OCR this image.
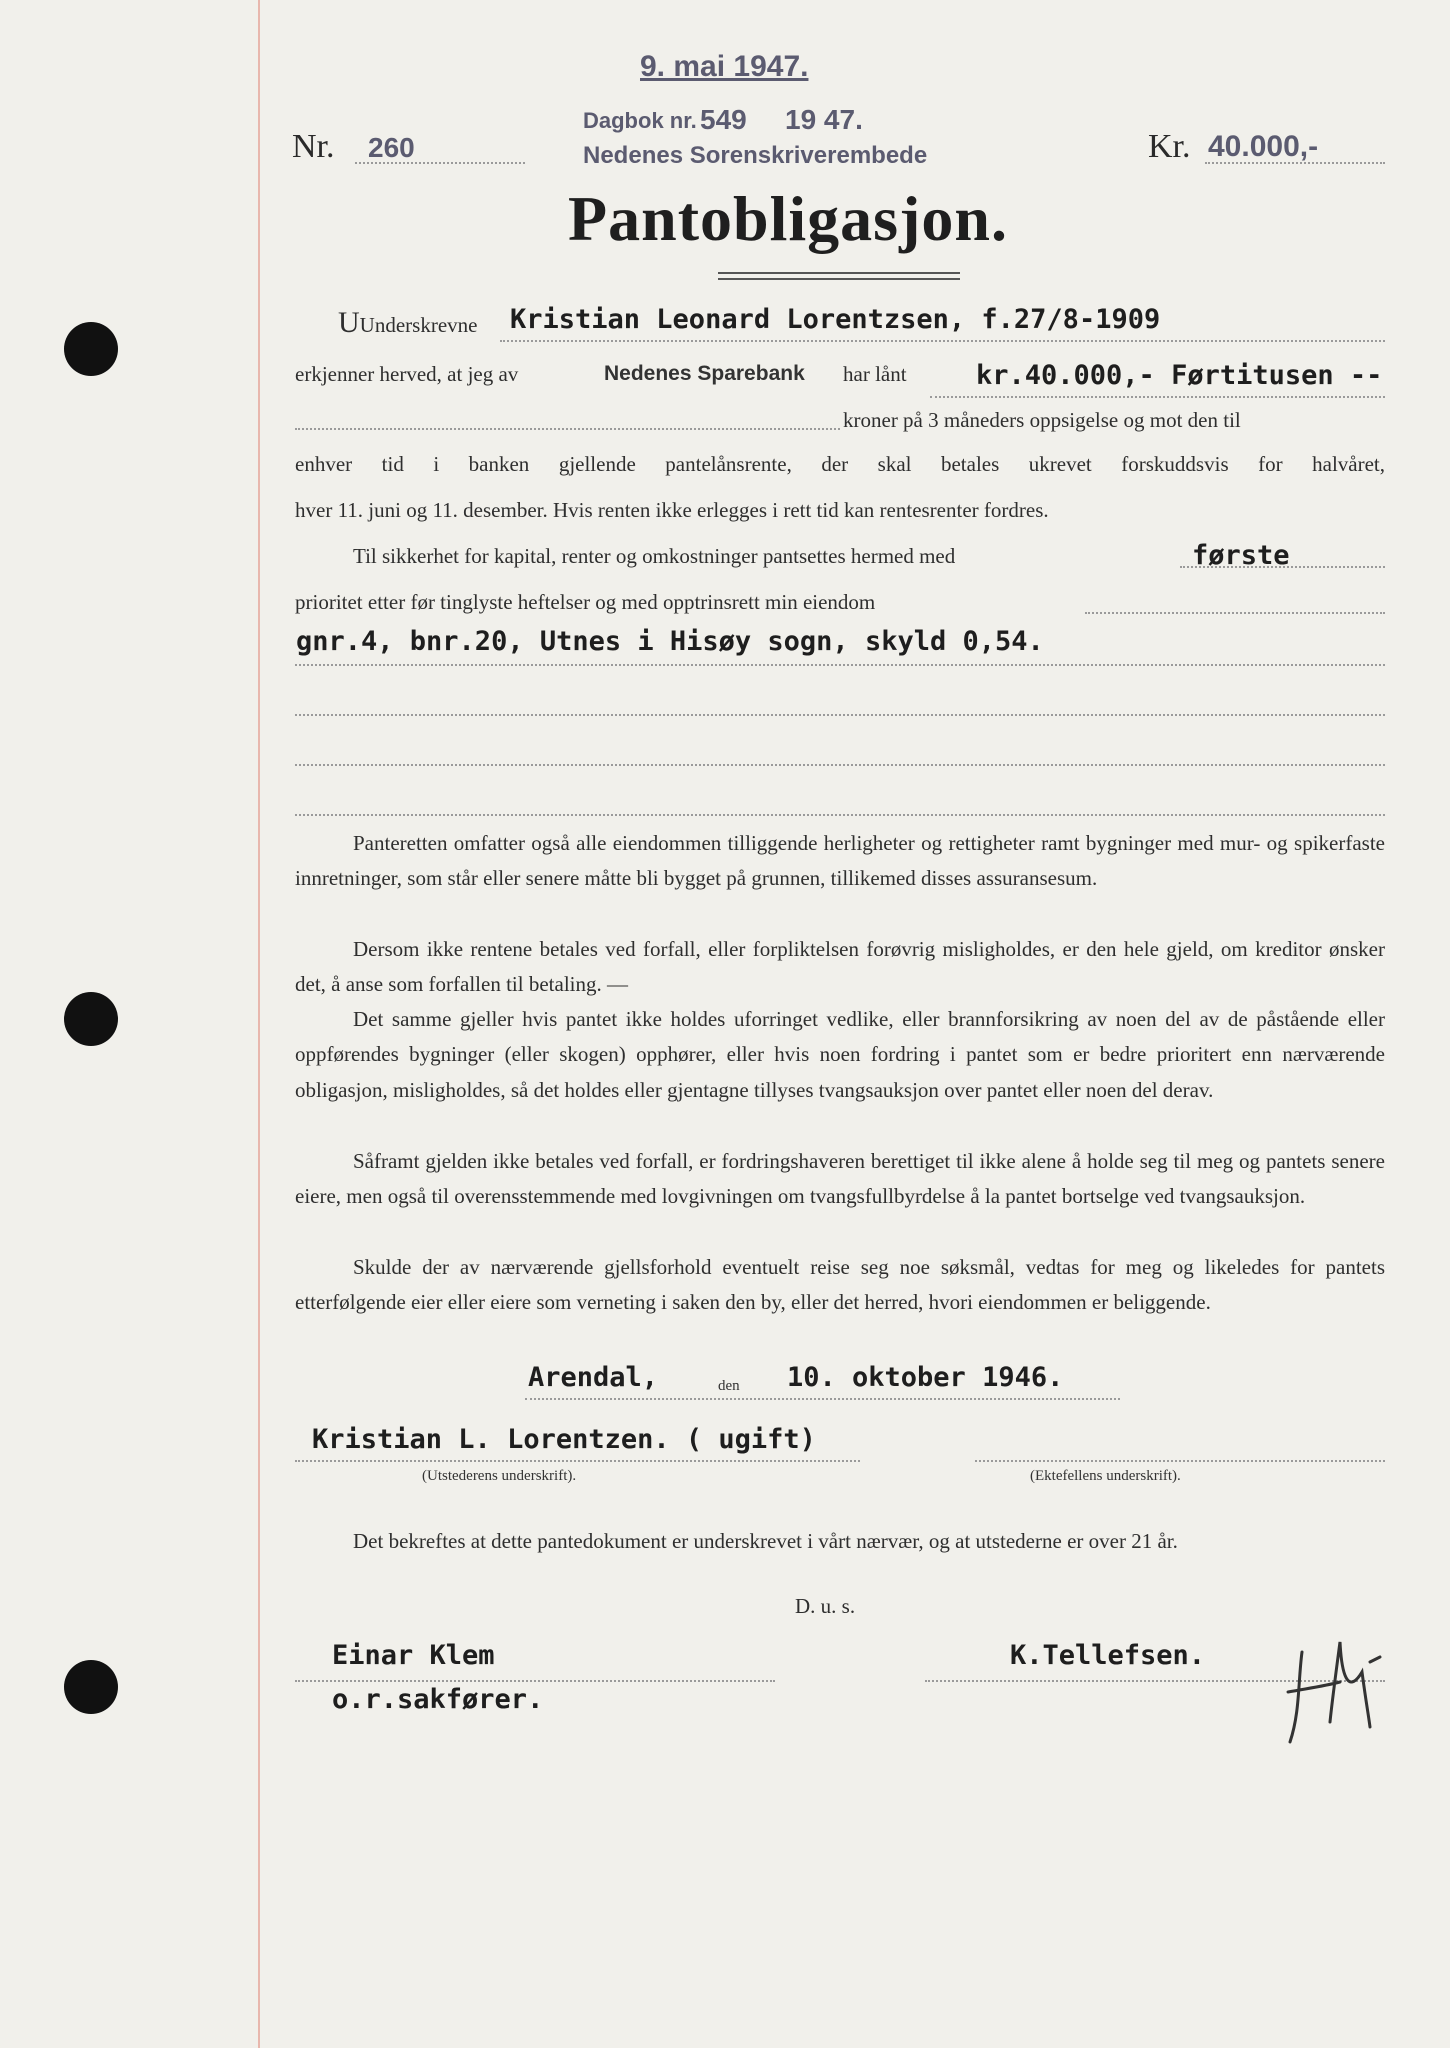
9. mai 1947.
Nr. 260
Dagbok nr. 549 19 47.
Nedenes Sorenskriverembede	Kr. 40.000,-
Pantobligasjon.
UUnderskrevne Kristian Leonard Lorentzsen, f.27/8-1909
erkjenner herved, at jeg av	Nedenes Sparebank har lånt	kr.40.000,- Førtitusen --
kroner på 3 måneders oppsigelse og mot den til
enhver tid i banken gjellende pantelånsrente, der skal betales ukrevet forskuddsvis for halvåret,
hver 11. juni og 11. desember. Hvis renten ikke erlegges i rett tid kan rentesrenter fordres.
Til sikkerhet for kapital, renter og omkostninger pantsettes hermed med	første
prioritet etter før tinglyste heftelser og med opptrinsrett min eiendom
gnr.4, bnr.20, Utnes i Hisøy sogn, skyld 0,54.
Panteretten omfatter også alle eiendommen tilliggende herligheter og rettigheter ramt bygninger med mur- og spikerfaste innretninger, som står eller senere måtte bli bygget på grunnen, tillikemed disses assuransesum.
Dersom ikke rentene betales ved forfall, eller forpliktelsen forøvrig misligholdes, er den hele gjeld, om kreditor ønsker det, å anse som forfallen til betaling. —
Det samme gjeller hvis pantet ikke holdes uforringet vedlike, eller brannforsikring av noen del av de påstående eller oppførendes bygninger (eller skogen) opphører, eller hvis noen fordring i pantet som er bedre prioritert enn nærværende obligasjon, misligholdes, så det holdes eller gjentagne tillyses tvangsauksjon over pantet eller noen del derav.
Såframt gjelden ikke betales ved forfall, er fordringshaveren berettiget til ikke alene å holde seg til meg og pantets senere eiere, men også til overensstemmende med lovgivningen om tvangsfullbyrdelse å la pantet bortselge ved tvangsauksjon.
Skulde der av nærværende gjellsforhold eventuelt reise seg noe søksmål, vedtas for meg og likeledes for pantets etterfølgende eier eller eiere som verneting i saken den by, eller det herred, hvori eiendommen er beliggende.
Arendal,	den 10. oktober 1946.
Kristian L. Lorentzen. ( ugift)
(Utstederens underskrift).	(Ektefellens underskrift).
Det bekreftes at dette pantedokument er underskrevet i vårt nærvær, og at utstederne er over 21 år.
D. u. s.
Einar Klem
o.r.sakfører.
K.Tellefsen.
